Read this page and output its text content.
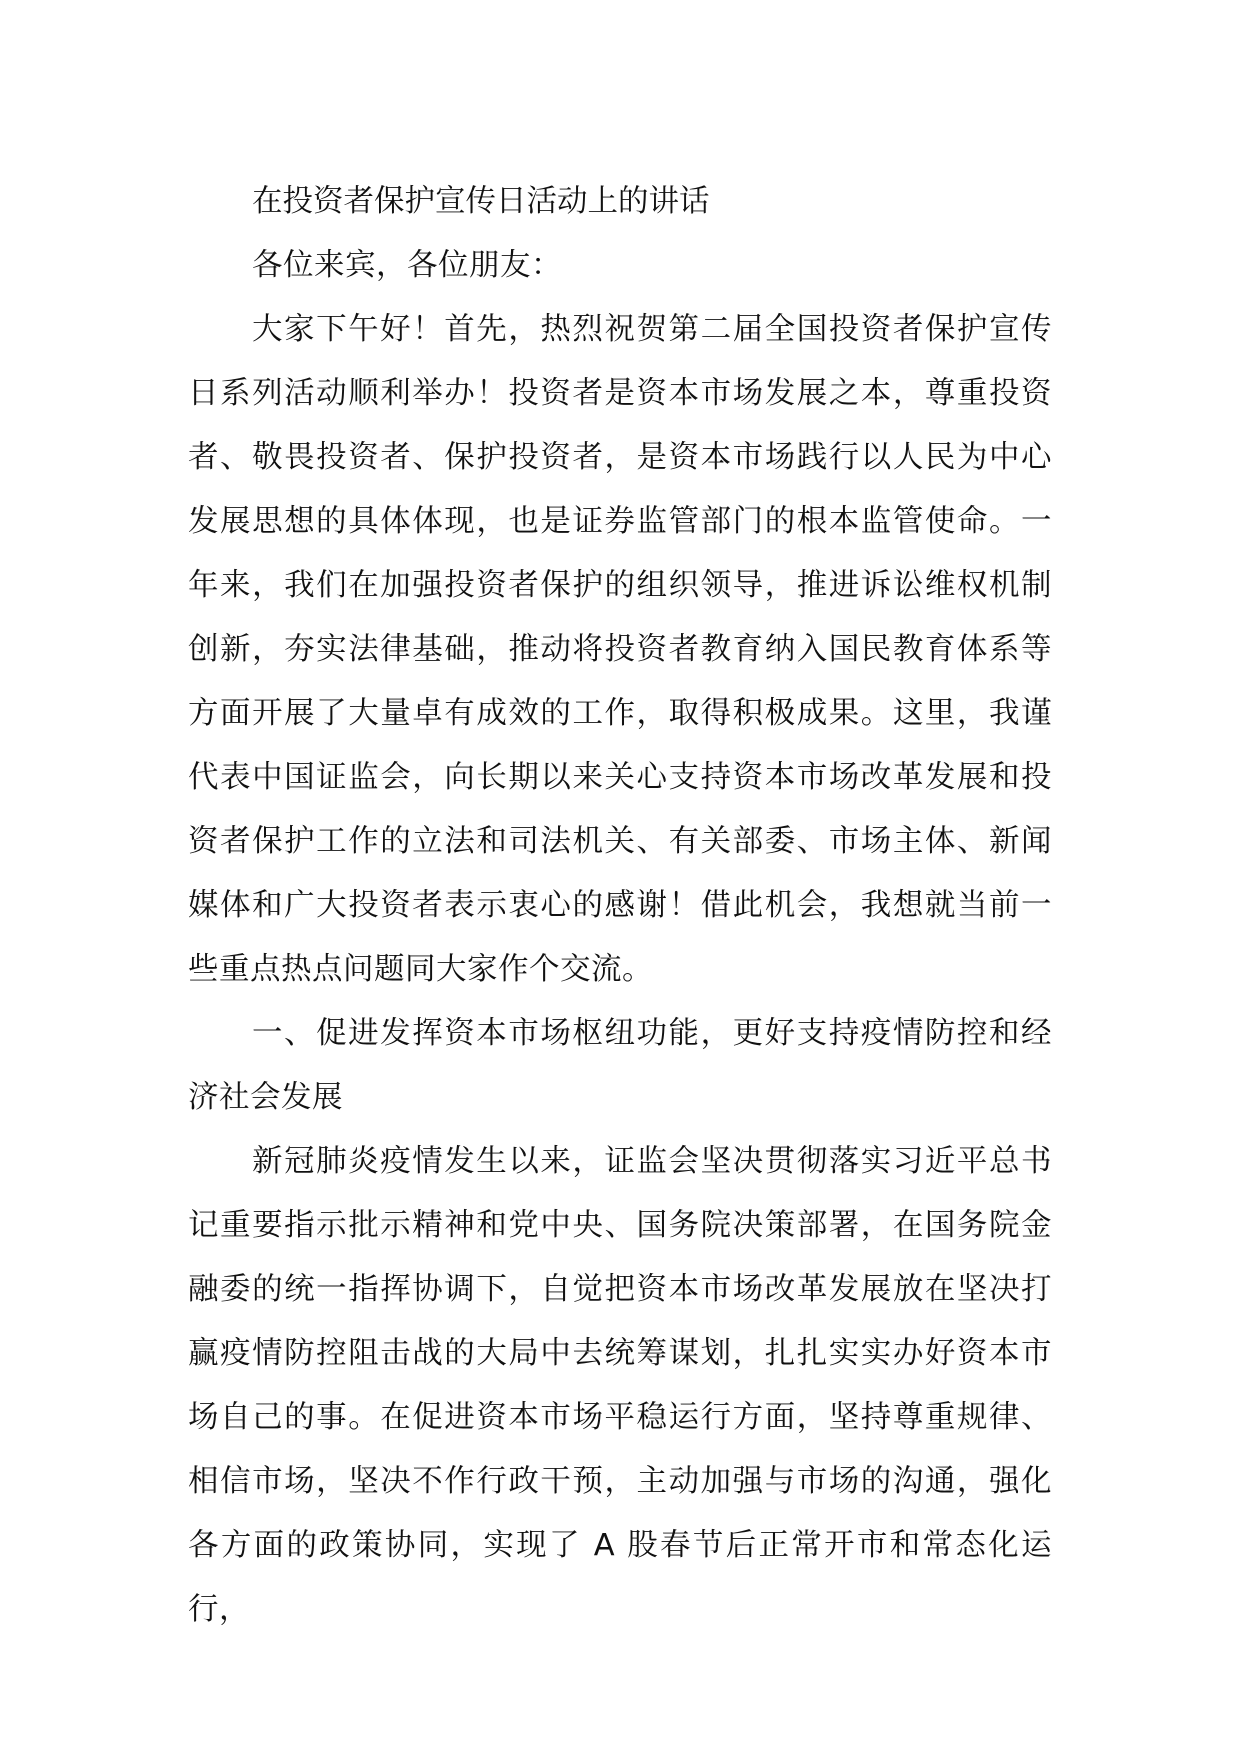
在投资者保护宣传日活动上的讲话

各位来宾，各位朋友：

大家下午好！首先，热烈祝贺第二届全国投资者保护宣传日系列活动顺利举办！投资者是资本市场发展之本，尊重投资者、敬畏投资者、保护投资者，是资本市场践行以人民为中心发展思想的具体体现，也是证券监管部门的根本监管使命。一年来，我们在加强投资者保护的组织领导，推进诉讼维权机制创新，夯实法律基础，推动将投资者教育纳入国民教育体系等方面开展了大量卓有成效的工作，取得积极成果。这里，我谨代表中国证监会，向长期以来关心支持资本市场改革发展和投资者保护工作的立法和司法机关、有关部委、市场主体、新闻媒体和广大投资者表示衷心的感谢！借此机会，我想就当前一些重点热点问题同大家作个交流。

一、促进发挥资本市场枢纽功能，更好支持疫情防控和经济社会发展

新冠肺炎疫情发生以来，证监会坚决贯彻落实习近平总书记重要指示批示精神和党中央、国务院决策部署，在国务院金融委的统一指挥协调下，自觉把资本市场改革发展放在坚决打赢疫情防控阻击战的大局中去统筹谋划，扎扎实实办好资本市场自己的事。在促进资本市场平稳运行方面，坚持尊重规律、相信市场，坚决不作行政干预，主动加强与市场的沟通，强化各方面的政策协同，实现了 A 股春节后正常开市和常态化运行，
